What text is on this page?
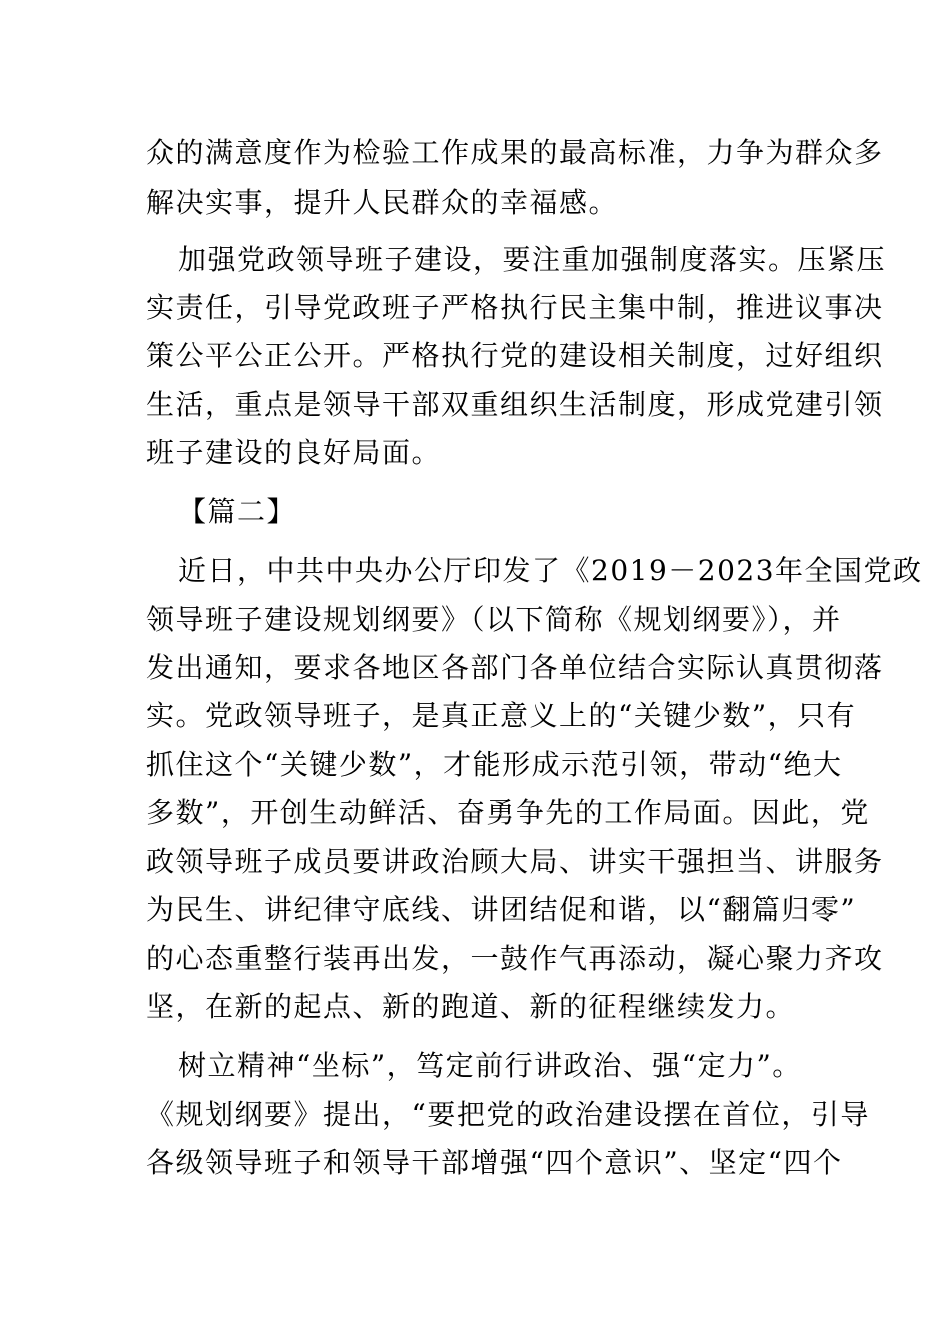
众的满意度作为检验工作成果的最高标准，力争为群众多
解决实事，提升人民群众的幸福感。
加强党政领导班子建设，要注重加强制度落实。压紧压
实责任，引导党政班子严格执行民主集中制，推进议事决
策公平公正公开。严格执行党的建设相关制度，过好组织
生活，重点是领导干部双重组织生活制度，形成党建引领
班子建设的良好局面。
【篇二】
近日，中共中央办公厅印发了《2019－2023年全国党政
领导班子建设规划纲要》（以下简称《规划纲要》），并
发出通知，要求各地区各部门各单位结合实际认真贯彻落
实。党政领导班子，是真正意义上的“关键少数”，只有
抓住这个“关键少数”，才能形成示范引领，带动“绝大
多数”，开创生动鲜活、奋勇争先的工作局面。因此，党
政领导班子成员要讲政治顾大局、讲实干强担当、讲服务
为民生、讲纪律守底线、讲团结促和谐，以“翻篇归零”
的心态重整行装再出发，一鼓作气再添动，凝心聚力齐攻
坚，在新的起点、新的跑道、新的征程继续发力。
树立精神“坐标”，笃定前行讲政治、强“定力”。
《规划纲要》提出，“要把党的政治建设摆在首位，引导
各级领导班子和领导干部增强“四个意识”、坚定“四个
